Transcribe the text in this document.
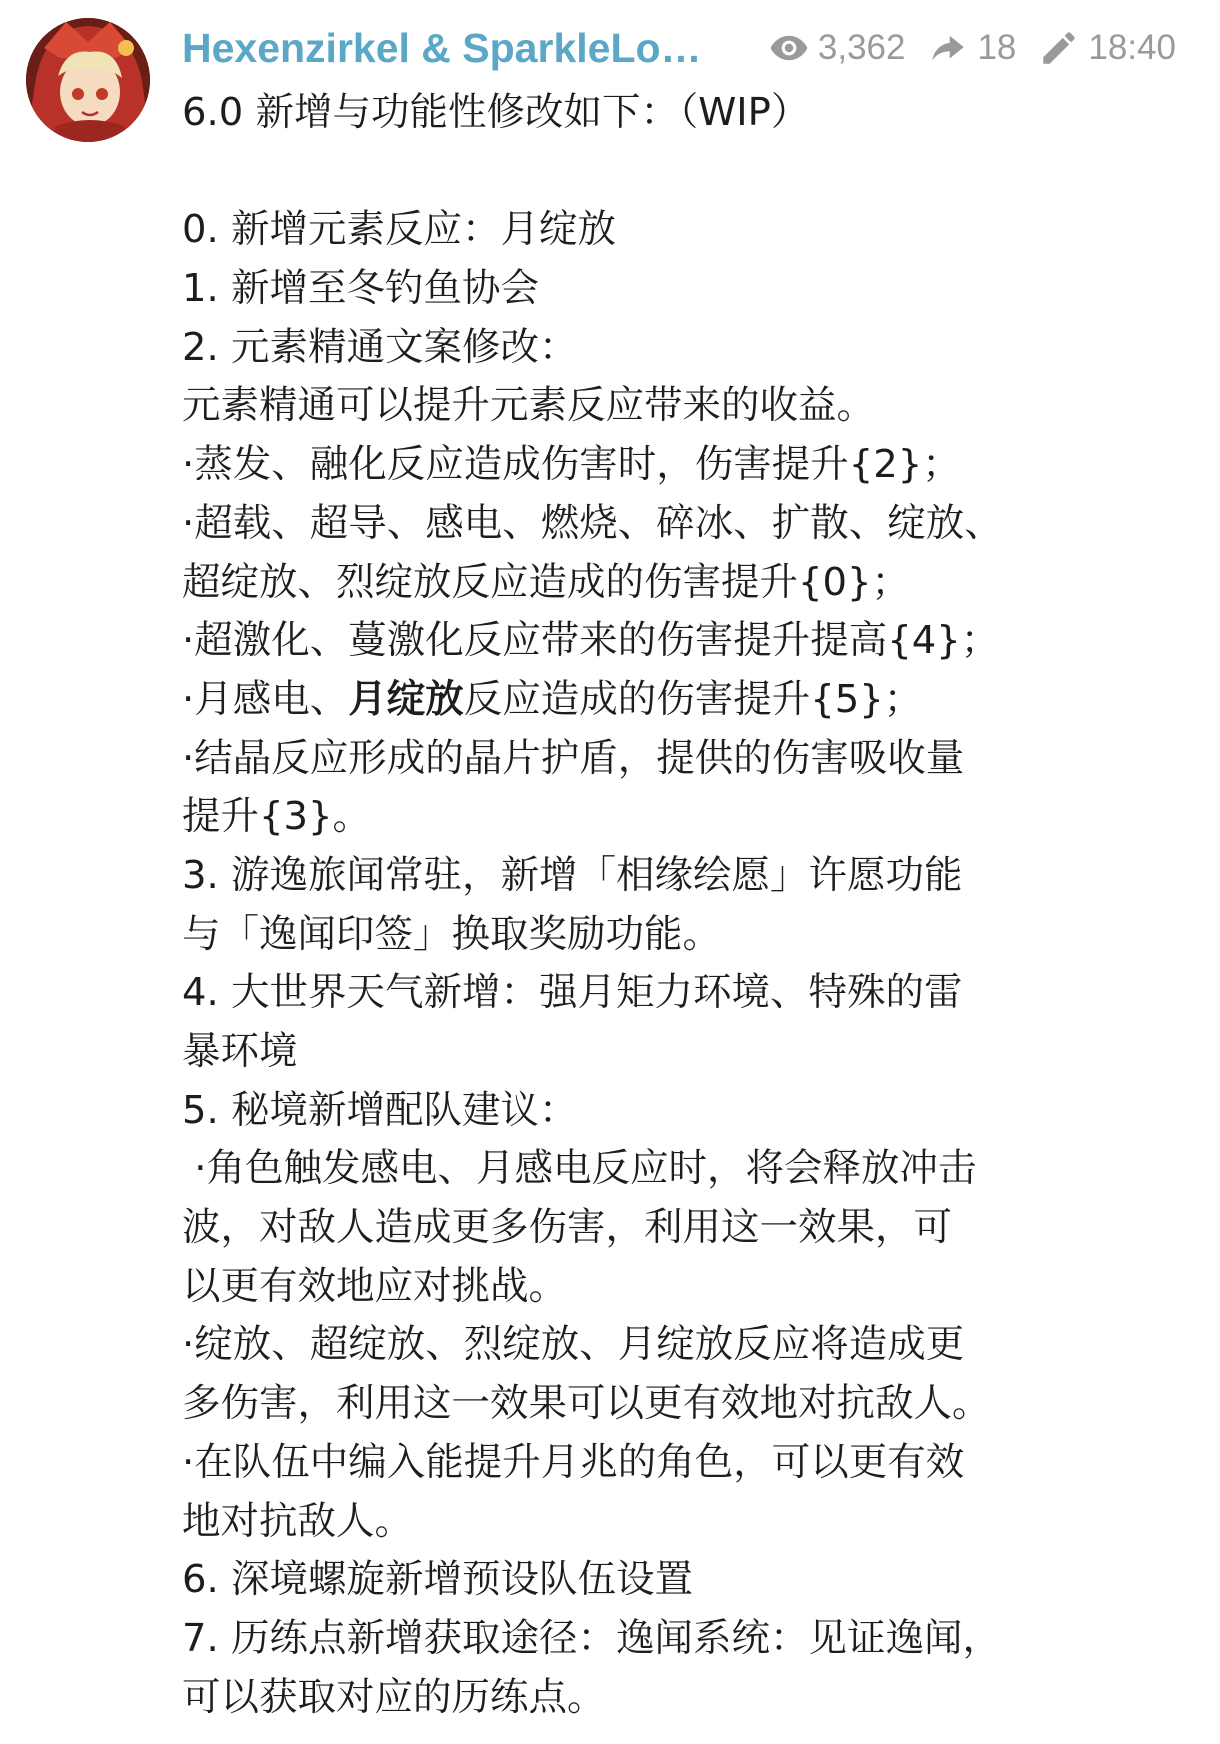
Hexenzirkel & SparkleLo…	3,362 18 18:40
6.0 新增与功能性修改如下：（WIP）
0. 新增元素反应：月绽放
1. 新增至冬钓鱼协会
2. 元素精通文案修改：
元素精通可以提升元素反应带来的收益。
·蒸发、融化反应造成伤害时，伤害提升{2}；
·超载、超导、感电、燃烧、碎冰、扩散、绽放、
超绽放、烈绽放反应造成的伤害提升{0}；
·超激化、蔓激化反应带来的伤害提升提高{4}；
·月感电、月绽放反应造成的伤害提升{5}；
·结晶反应形成的晶片护盾，提供的伤害吸收量
提升{3}。
3. 游逸旅闻常驻，新增「相缘绘愿」许愿功能
与「逸闻印签」换取奖励功能。
4. 大世界天气新增：强月矩力环境、特殊的雷
暴环境
5. 秘境新增配队建议：
·角色触发感电、月感电反应时，将会释放冲击
波，对敌人造成更多伤害，利用这一效果，可
以更有效地应对挑战。
·绽放、超绽放、烈绽放、月绽放反应将造成更
多伤害，利用这一效果可以更有效地对抗敌人。
·在队伍中编入能提升月兆的角色，可以更有效
地对抗敌人。
6. 深境螺旋新增预设队伍设置
7. 历练点新增获取途径：逸闻系统：见证逸闻，
可以获取对应的历练点。
